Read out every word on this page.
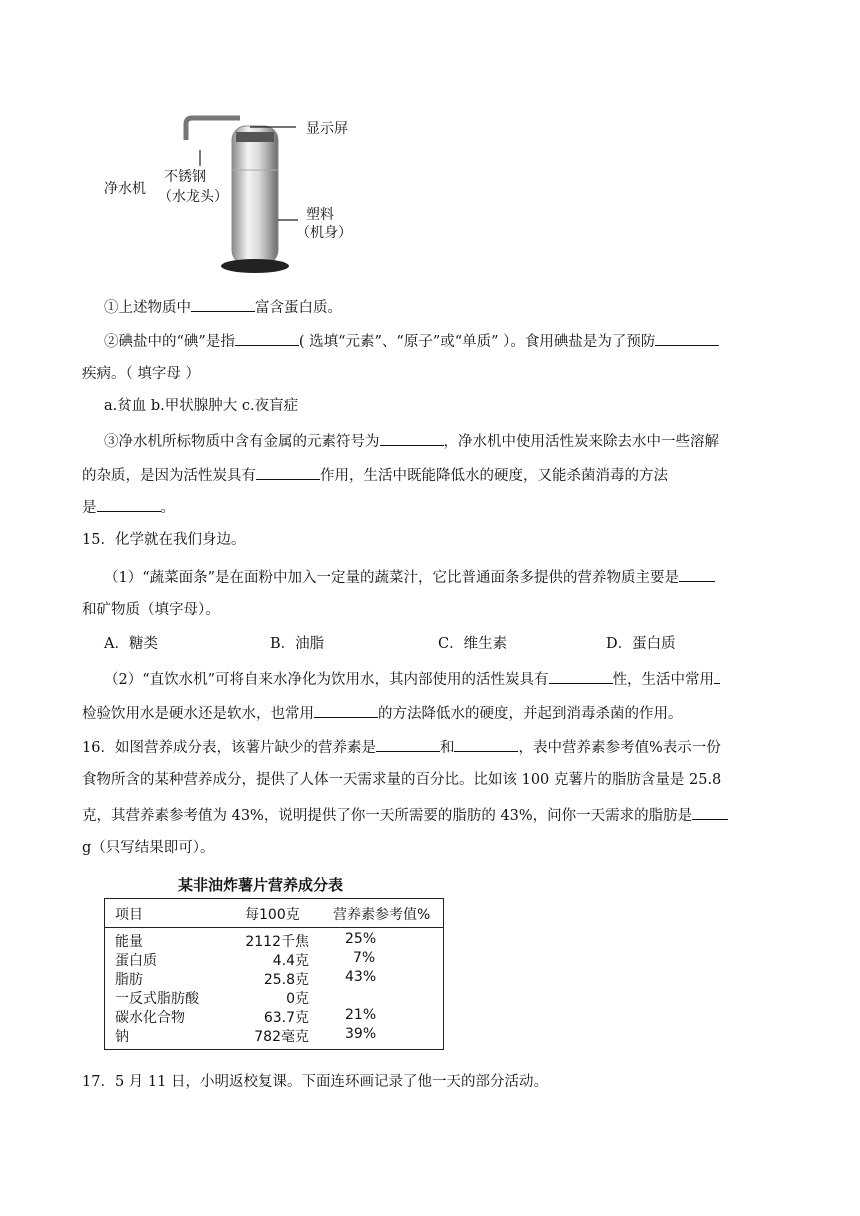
净水机
不锈钢
（水龙头）
显示屏
塑料
（机身）
①上述物质中	富含蛋白质。
②碘盐中的“碘”是指	( 选填“元素”、“原子”或“单质” ）。食用碘盐是为了预防
疾病。（ 填字母 ）
a.贫血 b.甲状腺肿大 c.夜盲症
③净水机所标物质中含有金属的元素符号为	，净水机中使用活性炭来除去水中一些溶解
的杂质，是因为活性炭具有	作用，生活中既能降低水的硬度，又能杀菌消毒的方法
是	。
15．化学就在我们身边。
（1）“蔬菜面条”是在面粉中加入一定量的蔬菜汁，它比普通面条多提供的营养物质主要是
和矿物质（填字母）。
A．糖类	B．油脂	C．维生素	D．蛋白质
（2）“直饮水机”可将自来水净化为饮用水，其内部使用的活性炭具有	性，生活中常用
检验饮用水是硬水还是软水，也常用	的方法降低水的硬度，并起到消毒杀菌的作用。
16．如图营养成分表，该薯片缺少的营养素是	和	，表中营养素参考值%表示一份
食物所含的某种营养成分，提供了人体一天需求量的百分比。比如该 100 克薯片的脂肪含量是 25.8
克，其营养素参考值为 43%，说明提供了你一天所需要的脂肪的 43%，问你一天需求的脂肪是
g（只写结果即可）。
某非油炸薯片营养成分表
项目	每100克 营养素参考值%
能量	2112千焦	25%
蛋白质	4.4克	7%
脂肪	25.8克	43%
一反式脂肪酸	0克
碳水化合物	63.7克	21%
钠	782毫克	39%
17．5 月 11 日，小明返校复课。下面连环画记录了他一天的部分活动。
